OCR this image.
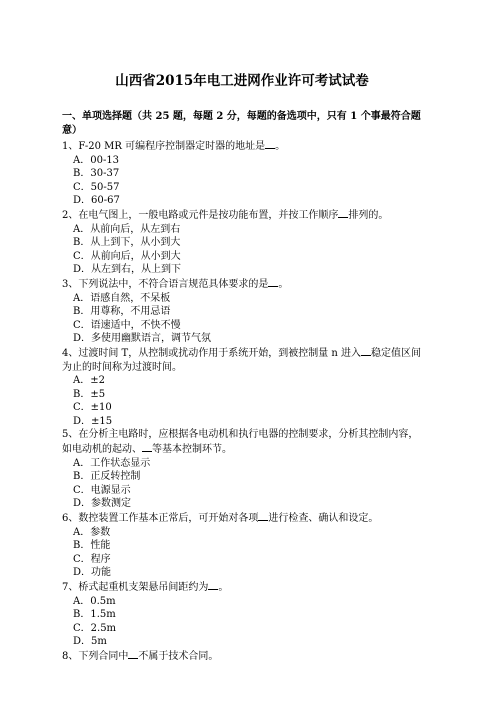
山西省2015年电工进网作业许可考试试卷
一、单项选择题（共 25 题，每题 2 分，每题的备选项中，只有 1 个事最符合题意）
1、F-20 MR 可编程序控制器定时器的地址是 。
A．00-13
B．30-37
C．50-57
D．60-67
2、在电气图上，一般电路或元件是按功能布置，并按工作顺序 排列的。
A．从前向后，从左到右
B．从上到下，从小到大
C．从前向后，从小到大
D．从左到右，从上到下
3、下列说法中，不符合语言规范具体要求的是 。
A．语感自然，不呆板
B．用尊称，不用忌语
C．语速适中，不快不慢
D．多使用幽默语言，调节气氛
4、过渡时间 T，从控制或扰动作用于系统开始，到被控制量 n 进入 稳定值区间为止的时间称为过渡时间。
A．±2
B．±5
C．±10
D．±15
5、在分析主电路时，应根据各电动机和执行电器的控制要求，分析其控制内容，如电动机的起动、 等基本控制环节。
A．工作状态显示
B．正反转控制
C．电源显示
D．参数测定
6、数控装置工作基本正常后，可开始对各项 进行检查、确认和设定。
A．参数
B．性能
C．程序
D．功能
7、桥式起重机支架悬吊间距约为 。
A．0.5m
B．1.5m
C．2.5m
D．5m
8、下列合同中 不属于技术合同。
